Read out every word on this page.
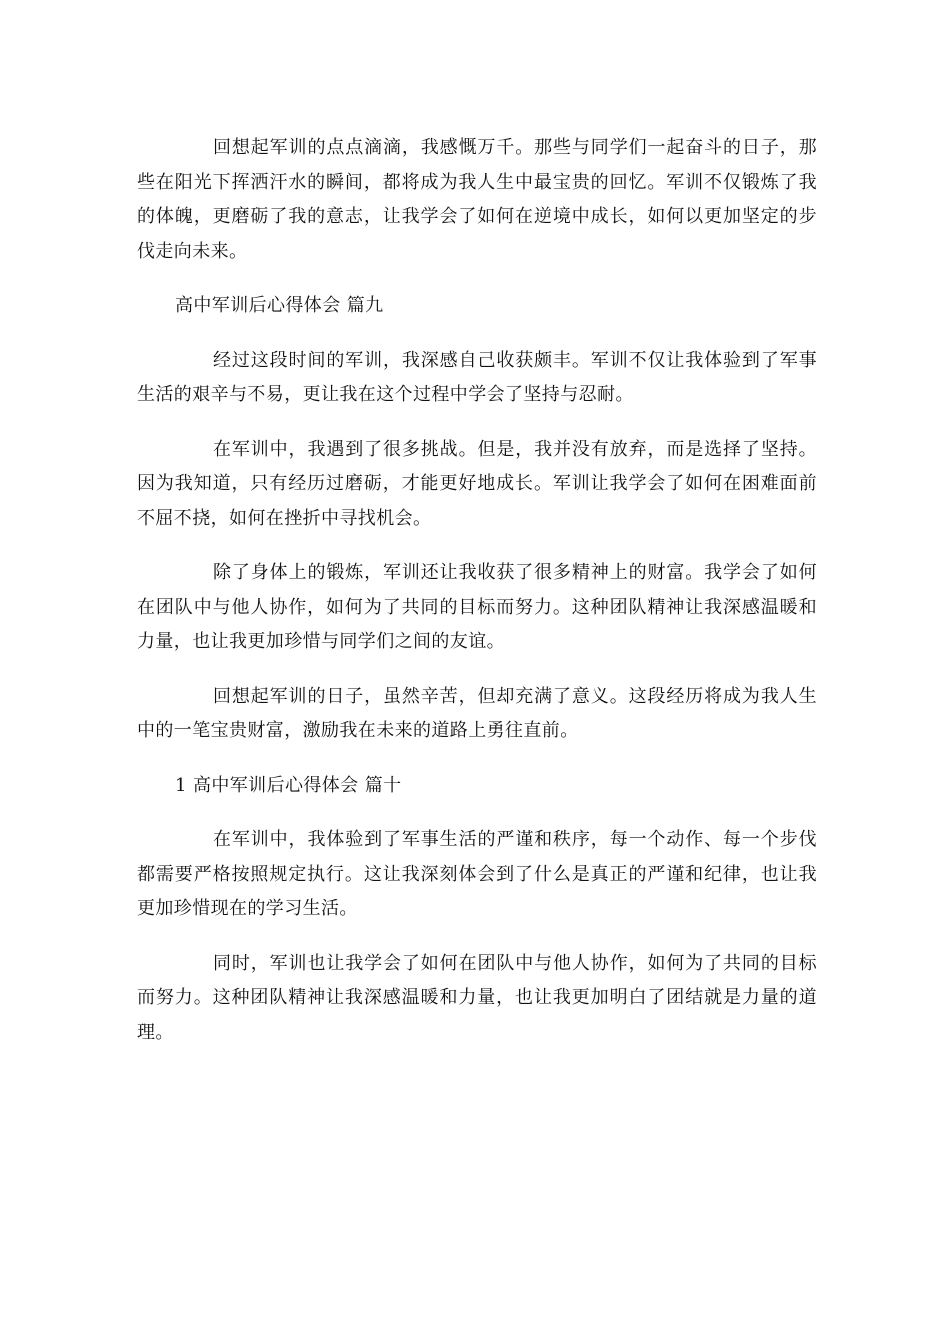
回想起军训的点点滴滴，我感慨万千。那些与同学们一起奋斗的日子，那些在阳光下挥洒汗水的瞬间，都将成为我人生中最宝贵的回忆。军训不仅锻炼了我的体魄，更磨砺了我的意志，让我学会了如何在逆境中成长，如何以更加坚定的步伐走向未来。

高中军训后心得体会 篇九

经过这段时间的军训，我深感自己收获颇丰。军训不仅让我体验到了军事生活的艰辛与不易，更让我在这个过程中学会了坚持与忍耐。

在军训中，我遇到了很多挑战。但是，我并没有放弃，而是选择了坚持。因为我知道，只有经历过磨砺，才能更好地成长。军训让我学会了如何在困难面前不屈不挠，如何在挫折中寻找机会。

除了身体上的锻炼，军训还让我收获了很多精神上的财富。我学会了如何在团队中与他人协作，如何为了共同的目标而努力。这种团队精神让我深感温暖和力量，也让我更加珍惜与同学们之间的友谊。

回想起军训的日子，虽然辛苦，但却充满了意义。这段经历将成为我人生中的一笔宝贵财富，激励我在未来的道路上勇往直前。

1 高中军训后心得体会 篇十

在军训中，我体验到了军事生活的严谨和秩序，每一个动作、每一个步伐都需要严格按照规定执行。这让我深刻体会到了什么是真正的严谨和纪律，也让我更加珍惜现在的学习生活。

同时，军训也让我学会了如何在团队中与他人协作，如何为了共同的目标而努力。这种团队精神让我深感温暖和力量，也让我更加明白了团结就是力量的道理。
